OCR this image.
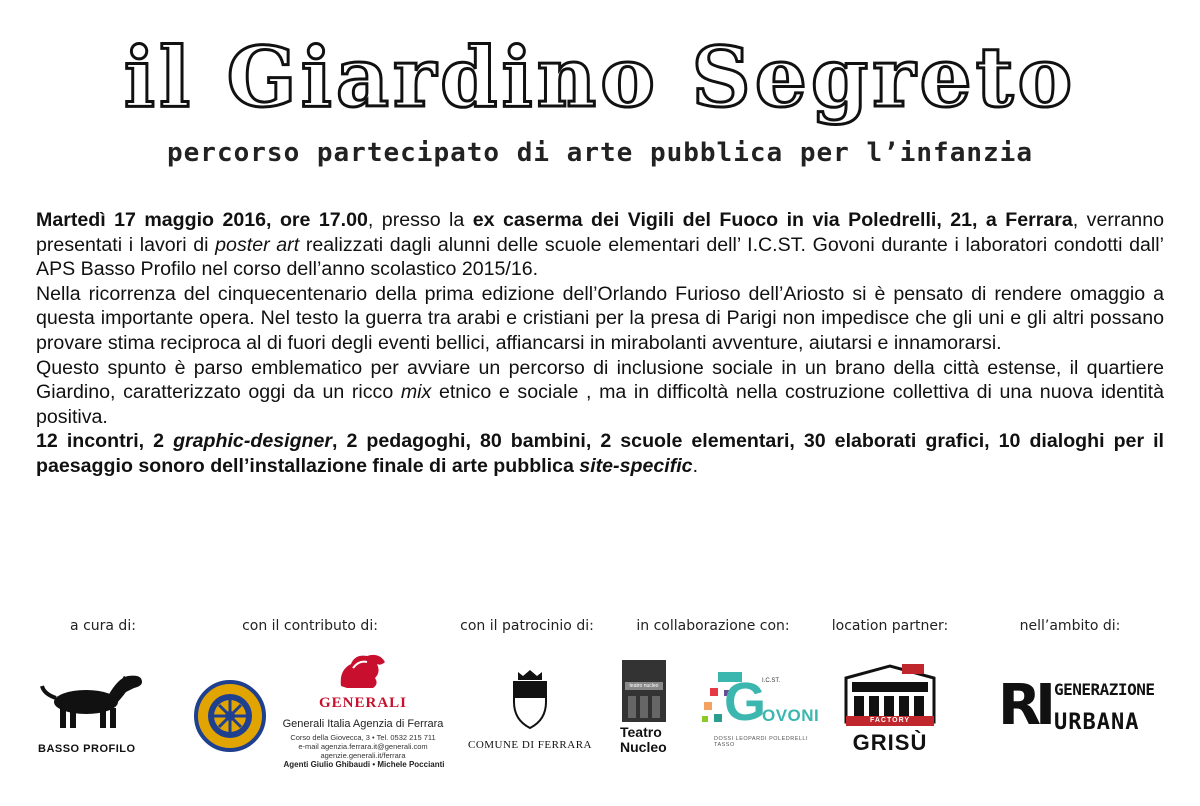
il Giardino Segreto
percorso partecipato di arte pubblica per l’infanzia

Martedì 17 maggio 2016, ore 17.00, presso la ex caserma dei Vigili del Fuoco in via Poledrelli, 21, a Ferrara, verranno presentati i lavori di poster art realizzati dagli alunni delle scuole elementari dell’ I.C.ST. Govoni durante i laboratori condotti dall’ APS Basso Profilo nel corso dell’anno scolastico 2015/16.

Nella ricorrenza del cinquecentenario della prima edizione dell’Orlando Furioso dell’Ariosto si è pensato di rendere omaggio a questa importante opera. Nel testo la guerra tra arabi e cristiani per la presa di Parigi non impedisce che gli uni e gli altri possano provare stima reciproca al di fuori degli eventi bellici, affiancarsi in mirabolanti avventure, aiutarsi e innamorarsi.

Questo spunto è parso emblematico per avviare un percorso di inclusione sociale in un brano della città estense, il quartiere Giardino, caratterizzato oggi da un ricco mix etnico e sociale , ma in difficoltà nella costruzione collettiva di una nuova identità positiva.

12 incontri, 2 graphic-designer, 2 pedagoghi, 80 bambini, 2 scuole elementari, 30 elaborati grafici, 10 dialoghi per il paesaggio sonoro dell’installazione finale di arte pubblica site-specific.

a cura di:	con il contributo di:	con il patrocinio di:	in collaborazione con:	location partner:	nell’ambito di:
BASSO PROFILO
GENERALI
Generali Italia Agenzia di Ferrara
Corso della Giovecca, 3 • Tel. 0532 215 711
e-mail agenzia.ferrara.it@generali.com
agenzie.generali.it/ferrara
Agenti Giulio Ghibaudi • Michele Poccianti
COMUNE DI FERRARA
teatro nucleo
Teatro
Nucleo
G
I.C.ST.
OVONI
DOSSI LEOPARDI POLEDRELLI TASSO
FACTORY
GRISÙ
RI GENERAZIONE
URBANA
